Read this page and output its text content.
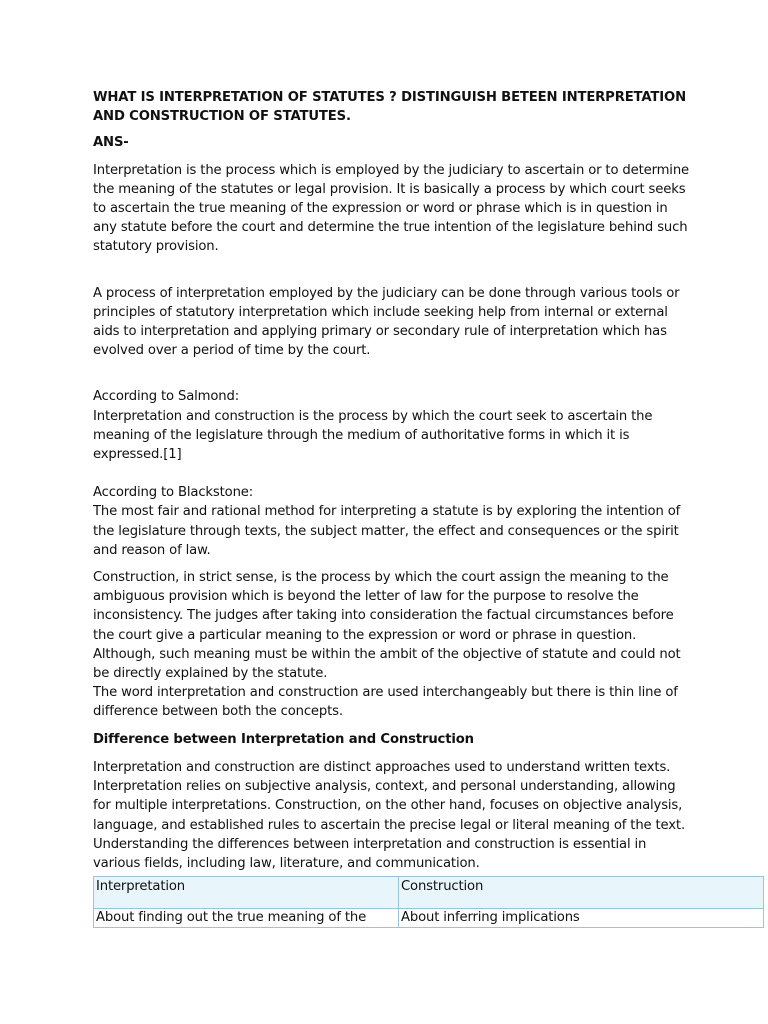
WHAT IS INTERPRETATION OF STATUTES ? DISTINGUISH BETEEN INTERPRETATION AND CONSTRUCTION OF STATUTES.
ANS-

Interpretation is the process which is employed by the judiciary to ascertain or to determine the meaning of the statutes or legal provision. It is basically a process by which court seeks to ascertain the true meaning of the expression or word or phrase which is in question in any statute before the court and determine the true intention of the legislature behind such statutory provision.

A process of interpretation employed by the judiciary can be done through various tools or principles of statutory interpretation which include seeking help from internal or external aids to interpretation and applying primary or secondary rule of interpretation which has evolved over a period of time by the court.

According to Salmond:
Interpretation and construction is the process by which the court seek to ascertain the meaning of the legislature through the medium of authoritative forms in which it is expressed.[1]
According to Blackstone:

The most fair and rational method for interpreting a statute is by exploring the intention of the legislature through texts, the subject matter, the effect and consequences or the spirit and reason of law.

Construction, in strict sense, is the process by which the court assign the meaning to the ambiguous provision which is beyond the letter of law for the purpose to resolve the inconsistency. The judges after taking into consideration the factual circumstances before the court give a particular meaning to the expression or word or phrase in question. Although, such meaning must be within the ambit of the objective of statute and could not be directly explained by the statute.

The word interpretation and construction are used interchangeably but there is thin line of difference between both the concepts.

Difference between Interpretation and Construction

Interpretation and construction are distinct approaches used to understand written texts. Interpretation relies on subjective analysis, context, and personal understanding, allowing for multiple interpretations. Construction, on the other hand, focuses on objective analysis, language, and established rules to ascertain the precise legal or literal meaning of the text. Understanding the differences between interpretation and construction is essential in various fields, including law, literature, and communication.

Interpretation	Construction
About finding out the true meaning of the	About inferring implications
